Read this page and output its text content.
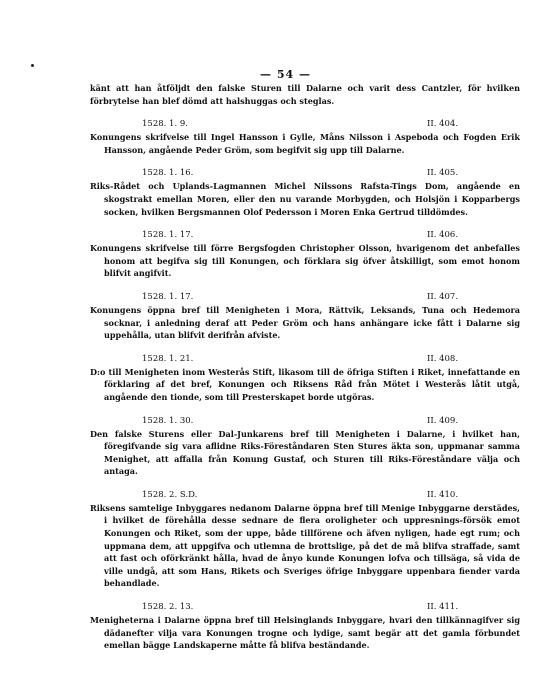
— 54 —

känt att han åtföljdt den falske Sturen till Dalarne och varit dess Cantzler, för hvilken förbrytelse han blef dömd att halshuggas och steglas.

1528. 1. 9.	II. 404.

Konungens skrifvelse till Ingel Hansson i Gylle, Måns Nilsson i Aspeboda och Fogden Erik Hansson, angående Peder Gröm, som begifvit sig upp till Dalarne.

1528. 1. 16.	II. 405.

Riks-Rådet och Uplands-Lagmannen Michel Nilssons Rafsta-Tings Dom, angående en skogstrakt emellan Moren, eller den nu varande Morbygden, och Holsjön i Kopparbergs socken, hvilken Bergsmannen Olof Pedersson i Moren Enka Gertrud tilldömdes.

1528. 1. 17.	II. 406.

Konungens skrifvelse till förre Bergsfogden Christopher Olsson, hvarigenom det anbefalles honom att begifva sig till Konungen, och förklara sig öfver åtskilligt, som emot honom blifvit angifvit.

1528. 1. 17.	II. 407.

Konungens öppna bref till Menigheten i Mora, Rättvik, Leksands, Tuna och Hedemora socknar, i anledning deraf att Peder Gröm och hans anhängare icke fått i Dalarne sig uppehålla, utan blifvit derifrån afviste.

1528. 1. 21.	II. 408.

D:o till Menigheten inom Westerås Stift, likasom till de öfriga Stiften i Riket, innefattande en förklaring af det bref, Konungen och Riksens Råd från Mötet i Westerås låtit utgå, angående den tionde, som till Presterskapet borde utgöras.

1528. 1. 30.	II. 409.

Den falske Sturens eller Dal-Junkarens bref till Menigheten i Dalarne, i hvilket han, föregifvande sig vara aflidne Riks-Föreståndaren Sten Stures äkta son, uppmanar samma Menighet, att affalla från Konung Gustaf, och Sturen till Riks-Föreståndare välja och antaga.

1528. 2. S.D.	II. 410.

Riksens samtelige Inbyggares nedanom Dalarne öppna bref till Menige Inbyggarne derstädes, i hvilket de förehålla desse sednare de flera oroligheter och uppresnings-försök emot Konungen och Riket, som der uppe, både tillförene och äfven nyligen, hade egt rum; och uppmana dem, att uppgifva och utlemna de brottslige, på det de må blifva straffade, samt att fast och oförkränkt hålla, hvad de ånyo kunde Konungen lofva och tillsäga, så vida de ville undgå, att som Hans, Rikets och Sveriges öfrige Inbyggare uppenbara fiender varda behandlade.

1528. 2. 13.	II. 411.

Menigheterna i Dalarne öppna bref till Helsinglands Inbyggare, hvari den tillkännagifver sig dädanefter vilja vara Konungen trogne och lydige, samt begär att det gamla förbundet emellan bägge Landskaperne måtte få blifva beständande.
